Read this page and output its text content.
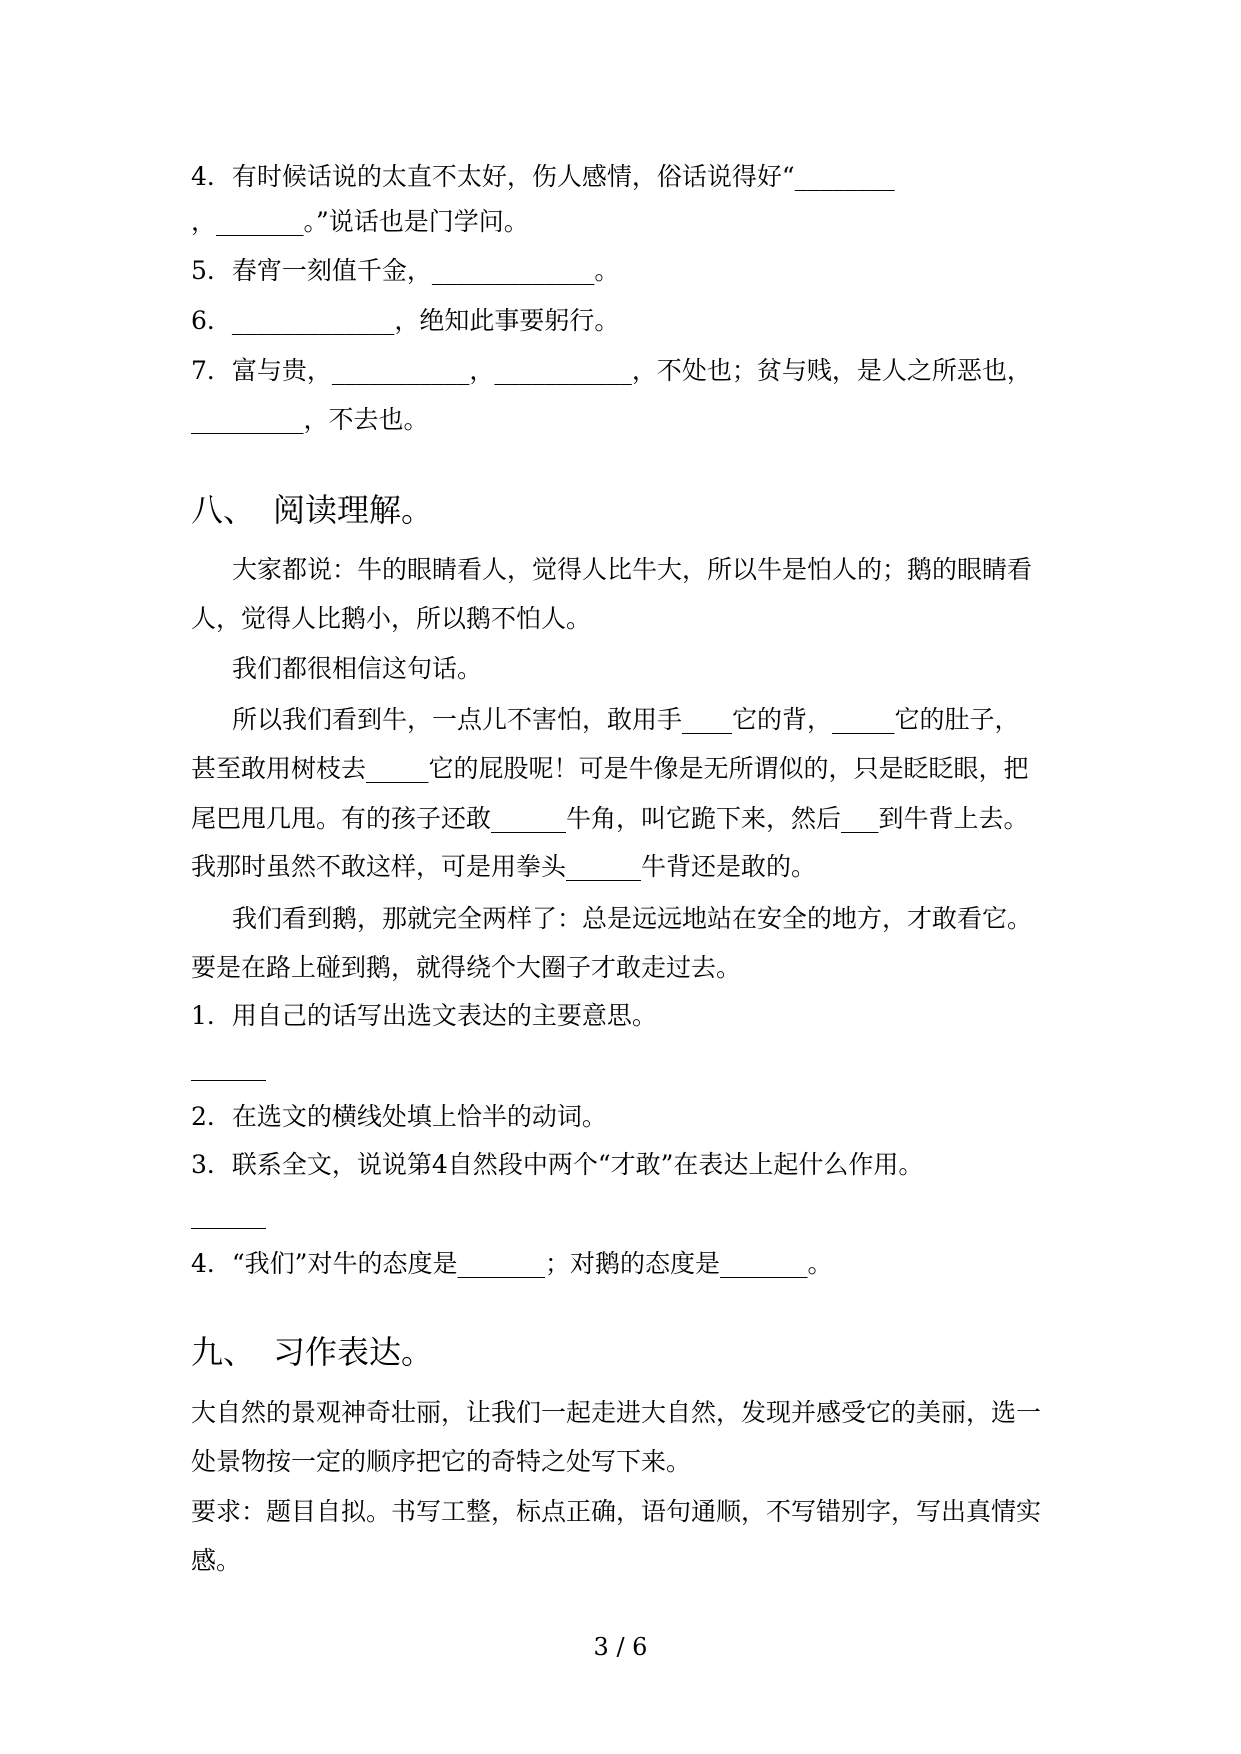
4．有时候话说的太直不太好，伤人感情，俗话说得好“________
，_______。”说话也是门学问。
5．春宵一刻值千金，_____________。
6．_____________，绝知此事要躬行。
7．富与贵，___________，___________，不处也；贫与贱，是人之所恶也，
_________，不去也。
八、 阅读理解。
大家都说：牛的眼睛看人，觉得人比牛大，所以牛是怕人的；鹅的眼睛看
人，觉得人比鹅小，所以鹅不怕人。
我们都很相信这句话。
所以我们看到牛，一点儿不害怕，敢用手____它的背，_____它的肚子，
甚至敢用树枝去_____它的屁股呢！可是牛像是无所谓似的，只是眨眨眼，把
尾巴甩几甩。有的孩子还敢______牛角，叫它跪下来，然后___到牛背上去。
我那时虽然不敢这样，可是用拳头______牛背还是敢的。
我们看到鹅，那就完全两样了：总是远远地站在安全的地方，才敢看它。
要是在路上碰到鹅，就得绕个大圈子才敢走过去。
1．用自己的话写出选文表达的主要意思。
______
2．在选文的横线处填上恰半的动词。
3．联系全文，说说第4自然段中两个“才敢”在表达上起什么作用。
______
4．“我们”对牛的态度是_______；对鹅的态度是_______。
九、 习作表达。
大自然的景观神奇壮丽，让我们一起走进大自然，发现并感受它的美丽，选一
处景物按一定的顺序把它的奇特之处写下来。
要求：题目自拟。书写工整，标点正确，语句通顺，不写错别字，写出真情实
感。
3 / 6
